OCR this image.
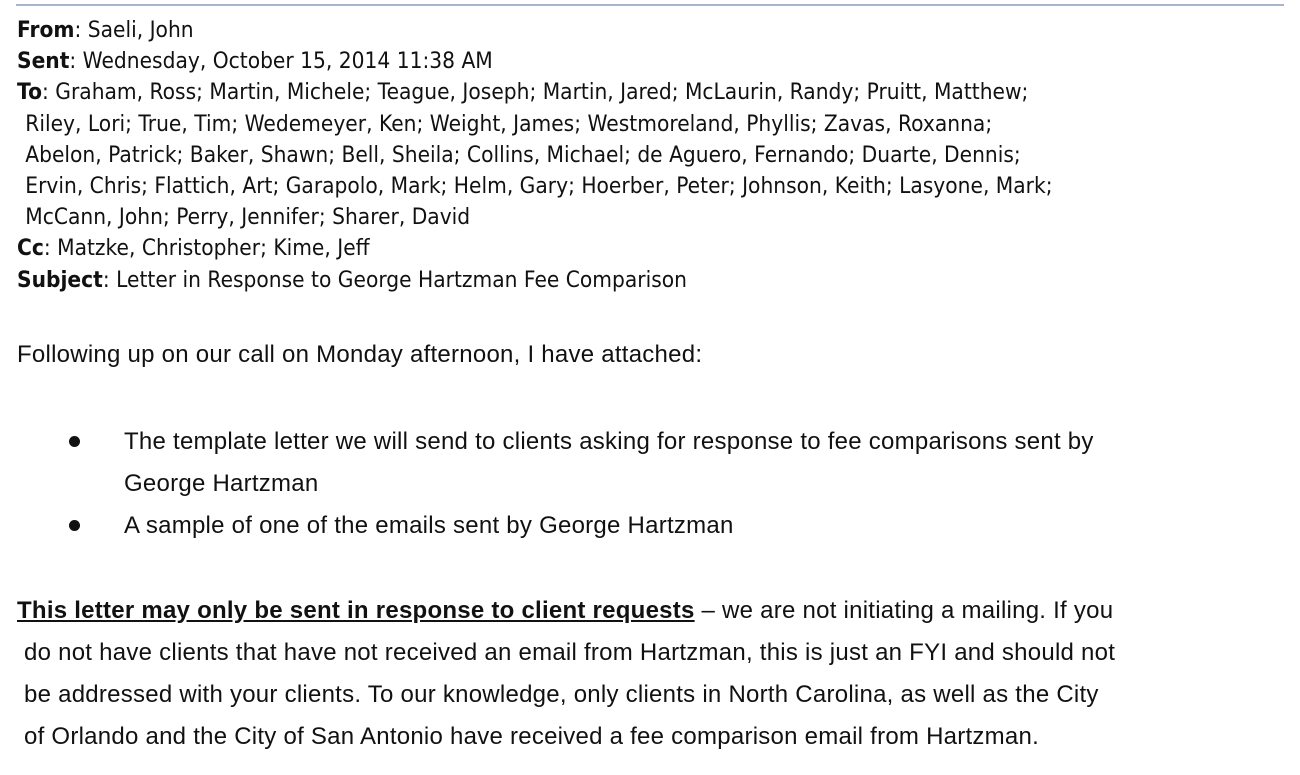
From: Saeli, John
Sent: Wednesday, October 15, 2014 11:38 AM
To: Graham, Ross; Martin, Michele; Teague, Joseph; Martin, Jared; McLaurin, Randy; Pruitt, Matthew;
Riley, Lori; True, Tim; Wedemeyer, Ken; Weight, James; Westmoreland, Phyllis; Zavas, Roxanna;
Abelon, Patrick; Baker, Shawn; Bell, Sheila; Collins, Michael; de Aguero, Fernando; Duarte, Dennis;
Ervin, Chris; Flattich, Art; Garapolo, Mark; Helm, Gary; Hoerber, Peter; Johnson, Keith; Lasyone, Mark;
McCann, John; Perry, Jennifer; Sharer, David
Cc: Matzke, Christopher; Kime, Jeff
Subject: Letter in Response to George Hartzman Fee Comparison
Following up on our call on Monday afternoon, I have attached:
The template letter we will send to clients asking for response to fee comparisons sent by
George Hartzman
A sample of one of the emails sent by George Hartzman
This letter may only be sent in response to client requests – we are not initiating a mailing. If you
do not have clients that have not received an email from Hartzman, this is just an FYI and should not
be addressed with your clients. To our knowledge, only clients in North Carolina, as well as the City
of Orlando and the City of San Antonio have received a fee comparison email from Hartzman.
